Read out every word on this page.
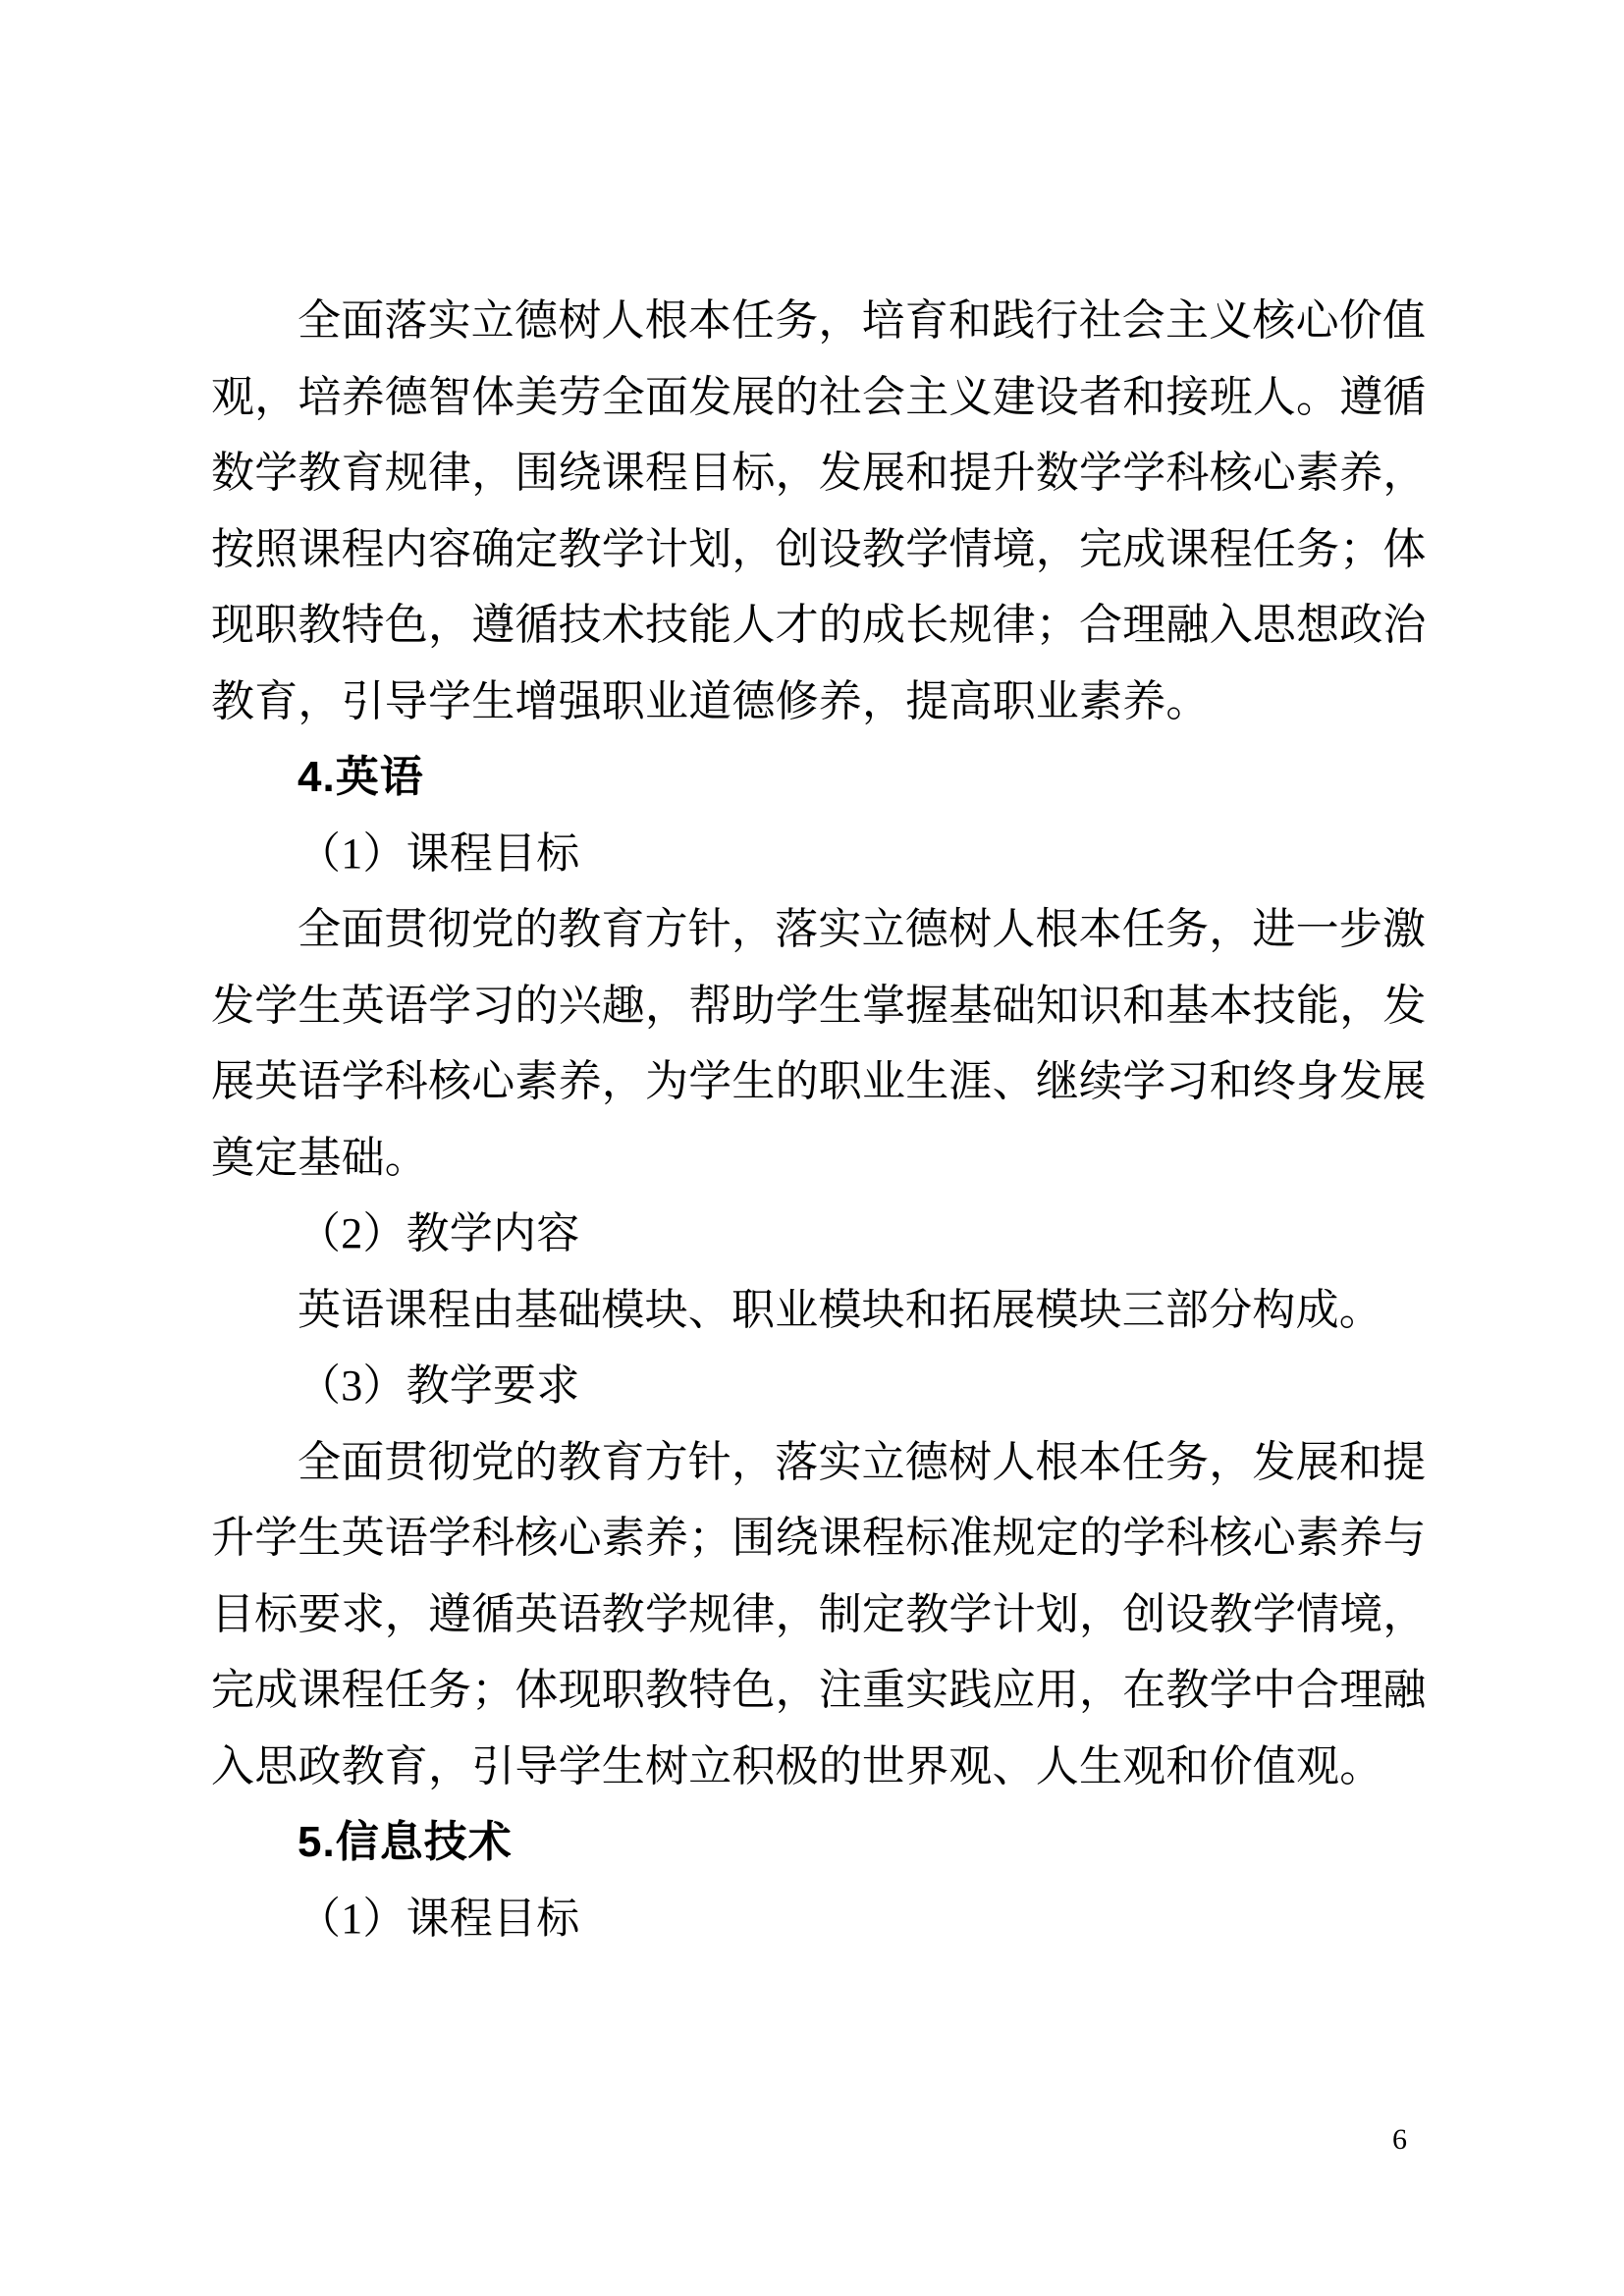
全面落实立德树人根本任务，培育和践行社会主义核心价值
观，培养德智体美劳全面发展的社会主义建设者和接班人。遵循
数学教育规律，围绕课程目标，发展和提升数学学科核心素养，
按照课程内容确定教学计划，创设教学情境，完成课程任务；体
现职教特色，遵循技术技能人才的成长规律；合理融入思想政治
教育，引导学生增强职业道德修养，提高职业素养。
4.英语
（1）课程目标
全面贯彻党的教育方针，落实立德树人根本任务，进一步激
发学生英语学习的兴趣，帮助学生掌握基础知识和基本技能，发
展英语学科核心素养，为学生的职业生涯、继续学习和终身发展
奠定基础。
（2）教学内容
英语课程由基础模块、职业模块和拓展模块三部分构成。
（3）教学要求
全面贯彻党的教育方针，落实立德树人根本任务，发展和提
升学生英语学科核心素养；围绕课程标准规定的学科核心素养与
目标要求，遵循英语教学规律，制定教学计划，创设教学情境，
完成课程任务；体现职教特色，注重实践应用，在教学中合理融
入思政教育，引导学生树立积极的世界观、人生观和价值观。
5.信息技术
（1）课程目标
6
